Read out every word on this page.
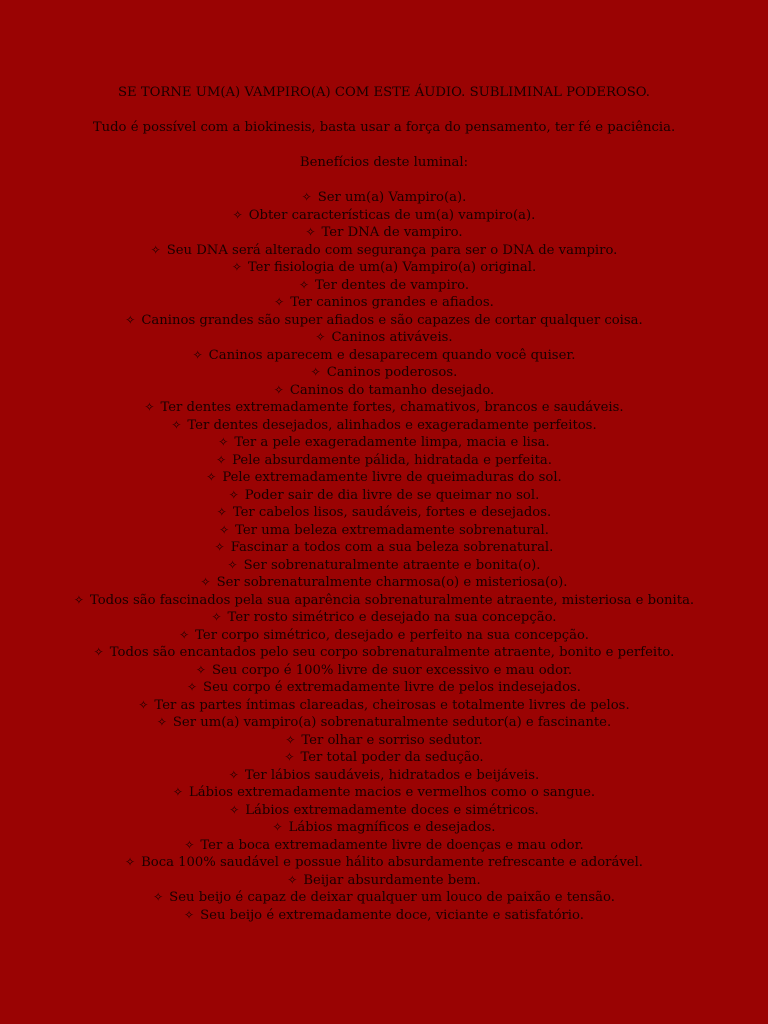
SE TORNE UM(A) VAMPIRO(A) COM ESTE ÁUDIO. SUBLIMINAL PODEROSO.

Tudo é possível com a biokinesis, basta usar a força do pensamento, ter fé e paciência.

Benefícios deste luminal:

✧ Ser um(a) Vampiro(a).
✧ Obter características de um(a) vampiro(a).
✧ Ter DNA de vampiro.
✧ Seu DNA será alterado com segurança para ser o DNA de vampiro.
✧ Ter fisiologia de um(a) Vampiro(a) original.
✧ Ter dentes de vampiro.
✧ Ter caninos grandes e afiados.
✧ Caninos grandes são super afiados e são capazes de cortar qualquer coisa.
✧ Caninos ativáveis.
✧ Caninos aparecem e desaparecem quando você quiser.
✧ Caninos poderosos.
✧ Caninos do tamanho desejado.
✧ Ter dentes extremadamente fortes, chamativos, brancos e saudáveis.
✧ Ter dentes desejados, alinhados e exageradamente perfeitos.
✧ Ter a pele exageradamente limpa, macia e lisa.
✧ Pele absurdamente pálida, hidratada e perfeita.
✧ Pele extremadamente livre de queimaduras do sol.
✧ Poder sair de dia livre de se queimar no sol.
✧ Ter cabelos lisos, saudáveis, fortes e desejados.
✧ Ter uma beleza extremadamente sobrenatural.
✧ Fascinar a todos com a sua beleza sobrenatural.
✧ Ser sobrenaturalmente atraente e bonita(o).
✧ Ser sobrenaturalmente charmosa(o) e misteriosa(o).
✧ Todos são fascinados pela sua aparência sobrenaturalmente atraente, misteriosa e bonita.
✧ Ter rosto simétrico e desejado na sua concepção.
✧ Ter corpo simétrico, desejado e perfeito na sua concepção.
✧ Todos são encantados pelo seu corpo sobrenaturalmente atraente, bonito e perfeito.
✧ Seu corpo é 100% livre de suor excessivo e mau odor.
✧ Seu corpo é extremadamente livre de pelos indesejados.
✧ Ter as partes íntimas clareadas, cheirosas e totalmente livres de pelos.
✧ Ser um(a) vampiro(a) sobrenaturalmente sedutor(a) e fascinante.
✧ Ter olhar e sorriso sedutor.
✧ Ter total poder da sedução.
✧ Ter lábios saudáveis, hidratados e beijáveis.
✧ Lábios extremadamente macios e vermelhos como o sangue.
✧ Lábios extremadamente doces e simétricos.
✧ Lábios magníficos e desejados.
✧ Ter a boca extremadamente livre de doenças e mau odor.
✧ Boca 100% saudável e possue hálito absurdamente refrescante e adorável.
✧ Beijar absurdamente bem.
✧ Seu beijo é capaz de deixar qualquer um louco de paixão e tensão.
✧ Seu beijo é extremadamente doce, viciante e satisfatório.
